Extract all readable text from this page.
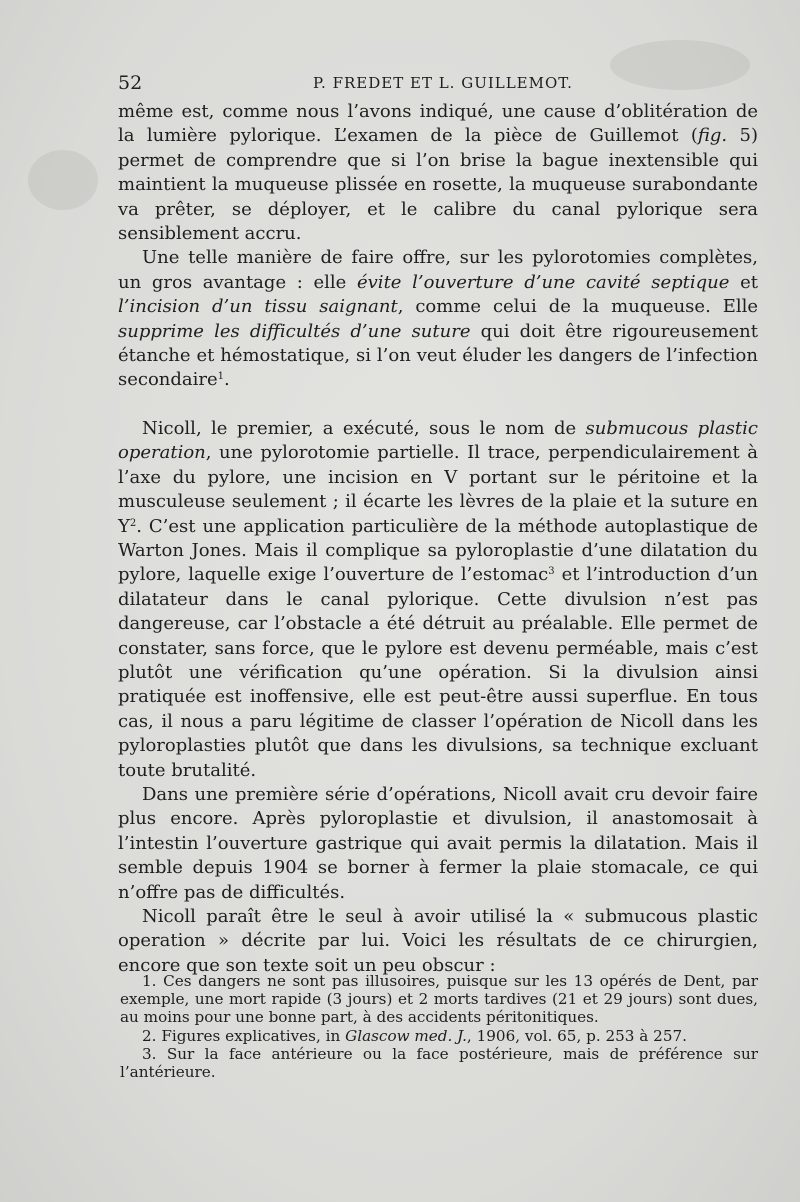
52	P. FREDET ET L. GUILLEMOT.

même est, comme nous l’avons indiqué, une cause d’oblitération de la lumière pylorique. L’examen de la pièce de Guillemot (fig. 5) permet de comprendre que si l’on brise la bague inextensible qui maintient la muqueuse plissée en rosette, la muqueuse surabondante va prêter, se déployer, et le calibre du canal pylorique sera sensiblement accru.

Une telle manière de faire offre, sur les pylorotomies complètes, un gros avantage : elle évite l’ouverture d’une cavité septique et l’incision d’un tissu saignant, comme celui de la muqueuse. Elle supprime les difficultés d’une suture qui doit être rigoureusement étanche et hémostatique, si l’on veut éluder les dangers de l’infection secondaire$^1$.

Nicoll, le premier, a exécuté, sous le nom de submucous plastic operation, une pylorotomie partielle. Il trace, perpendiculairement à l’axe du pylore, une incision en V portant sur le péritoine et la musculeuse seulement ; il écarte les lèvres de la plaie et la suture en $Y^2$. C’est une application particulière de la méthode autoplastique de Warton Jones. Mais il complique sa pyloroplastie d’une dilatation du pylore, laquelle exige l’ouverture de l’estomac$^3$ et l’introduction d’un dilatateur dans le canal pylorique. Cette divulsion n’est pas dangereuse, car l’obstacle a été détruit au préalable. Elle permet de constater, sans force, que le pylore est devenu perméable, mais c’est plutôt une vérification qu’une opération. Si la divulsion ainsi pratiquée est inoffensive, elle est peut-être aussi superflue. En tous cas, il nous a paru légitime de classer l’opération de Nicoll dans les pyloroplasties plutôt que dans les divulsions, sa technique excluant toute brutalité.

Dans une première série d’opérations, Nicoll avait cru devoir faire plus encore. Après pyloroplastie et divulsion, il anastomosait à l’intestin l’ouverture gastrique qui avait permis la dilatation. Mais il semble depuis 1904 se borner à fermer la plaie stomacale, ce qui n’offre pas de difficultés.

Nicoll paraît être le seul à avoir utilisé la « submucous plastic operation » décrite par lui. Voici les résultats de ce chirurgien, encore que son texte soit un peu obscur :

1. Ces dangers ne sont pas illusoires, puisque sur les 13 opérés de Dent, par exemple, une mort rapide (3 jours) et 2 morts tardives (21 et 29 jours) sont dues, au moins pour une bonne part, à des accidents péritonitiques.

2. Figures explicatives, in Glascow med. J., 1906, vol. 65, p. 253 à 257.

3. Sur la face antérieure ou la face postérieure, mais de préférence sur l’antérieure.
